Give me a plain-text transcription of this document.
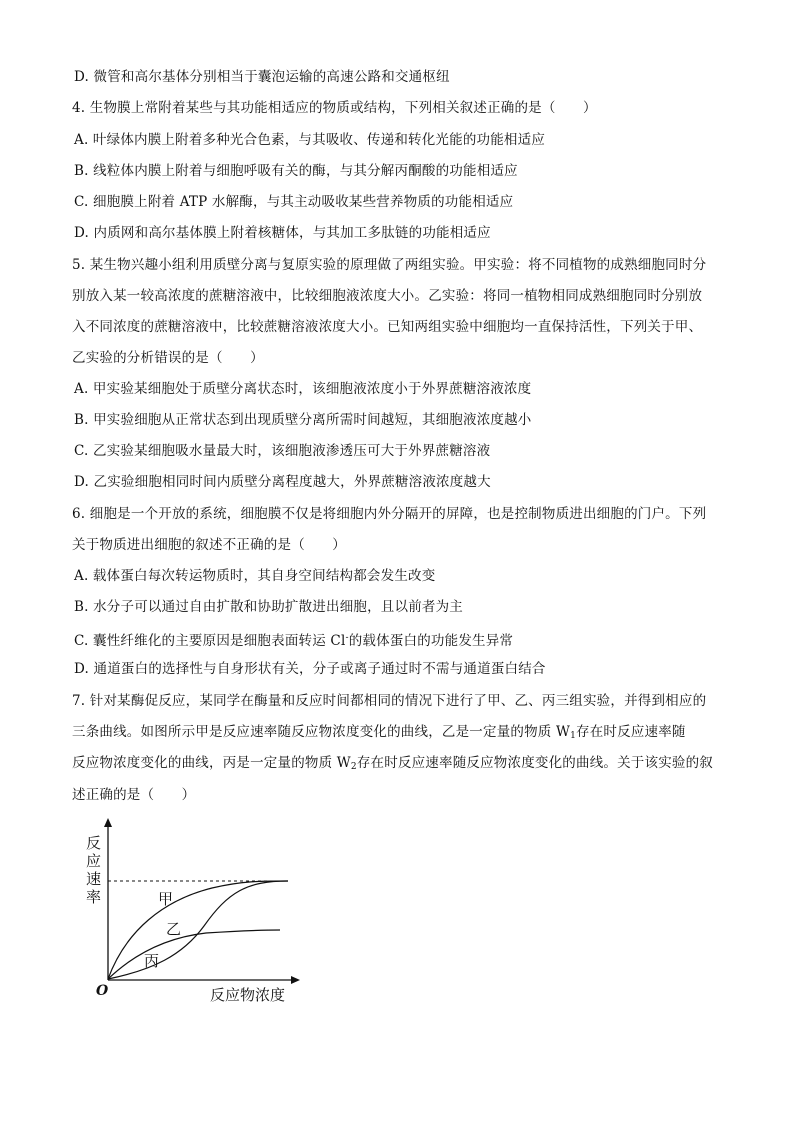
D. 微管和高尔基体分别相当于囊泡运输的高速公路和交通枢纽
4. 生物膜上常附着某些与其功能相适应的物质或结构，下列相关叙述正确的是（　　）
A. 叶绿体内膜上附着多种光合色素，与其吸收、传递和转化光能的功能相适应
B. 线粒体内膜上附着与细胞呼吸有关的酶，与其分解丙酮酸的功能相适应
C. 细胞膜上附着 ATP 水解酶，与其主动吸收某些营养物质的功能相适应
D. 内质网和高尔基体膜上附着核糖体，与其加工多肽链的功能相适应
5. 某生物兴趣小组利用质壁分离与复原实验的原理做了两组实验。甲实验：将不同植物的成熟细胞同时分
别放入某一较高浓度的蔗糖溶液中，比较细胞液浓度大小。乙实验：将同一植物相同成熟细胞同时分别放
入不同浓度的蔗糖溶液中，比较蔗糖溶液浓度大小。已知两组实验中细胞均一直保持活性，下列关于甲、
乙实验的分析错误的是（　　）
A. 甲实验某细胞处于质壁分离状态时，该细胞液浓度小于外界蔗糖溶液浓度
B. 甲实验细胞从正常状态到出现质壁分离所需时间越短，其细胞液浓度越小
C. 乙实验某细胞吸水量最大时，该细胞液渗透压可大于外界蔗糖溶液
D. 乙实验细胞相同时间内质壁分离程度越大，外界蔗糖溶液浓度越大
6. 细胞是一个开放的系统，细胞膜不仅是将细胞内外分隔开的屏障，也是控制物质进出细胞的门户。下列
关于物质进出细胞的叙述不正确的是（　　）
A. 载体蛋白每次转运物质时，其自身空间结构都会发生改变
B. 水分子可以通过自由扩散和协助扩散进出细胞，且以前者为主
C. 囊性纤维化的主要原因是细胞表面转运 Cl-的载体蛋白的功能发生异常
D. 通道蛋白的选择性与自身形状有关，分子或离子通过时不需与通道蛋白结合
7. 针对某酶促反应，某同学在酶量和反应时间都相同的情况下进行了甲、乙、丙三组实验，并得到相应的
三条曲线。如图所示甲是反应速率随反应物浓度变化的曲线，乙是一定量的物质 $W_1$存在时反应速率随
反应物浓度变化的曲线，丙是一定量的物质 $W_2$存在时反应速率随反应物浓度变化的曲线。关于该实验的叙
述正确的是（　　）
反
应
速
率	甲
乙
丙
O	反应物浓度
